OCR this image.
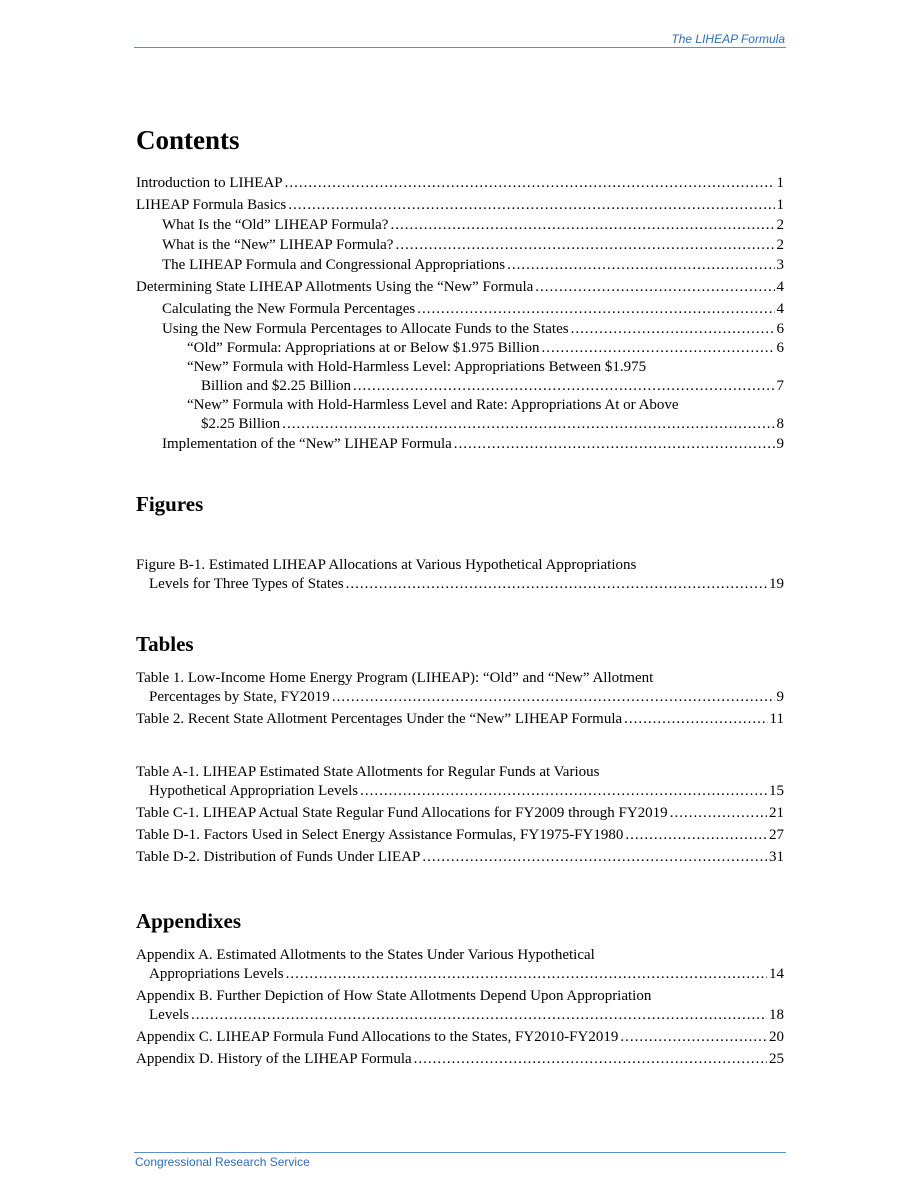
The LIHEAP Formula
Contents
Introduction to LIHEAP .....	1
LIHEAP Formula Basics .....	1
What Is the “Old” LIHEAP Formula? .....	2
What is the “New” LIHEAP Formula? .....	2
The LIHEAP Formula and Congressional Appropriations .....	3
Determining State LIHEAP Allotments Using the “New” Formula .....	4
Calculating the New Formula Percentages .....	4
Using the New Formula Percentages to Allocate Funds to the States .....	6
“Old” Formula: Appropriations at or Below $1.975 Billion .....	6
“New” Formula with Hold-Harmless Level: Appropriations Between $1.975
Billion and $2.25 Billion .....	7
“New” Formula with Hold-Harmless Level and Rate: Appropriations At or Above
$2.25 Billion .....	8
Implementation of the “New” LIHEAP Formula .....	9
Figures
Figure B-1. Estimated LIHEAP Allocations at Various Hypothetical Appropriations
Levels for Three Types of States .....	19
Tables
Table 1. Low-Income Home Energy Program (LIHEAP): “Old” and “New” Allotment
Percentages by State, FY2019 .....	9
Table 2. Recent State Allotment Percentages Under the “New” LIHEAP Formula .....	11
Table A-1. LIHEAP Estimated State Allotments for Regular Funds at Various
Hypothetical Appropriation Levels .....	15
Table C-1. LIHEAP Actual State Regular Fund Allocations for FY2009 through FY2019 .....	21
Table D-1. Factors Used in Select Energy Assistance Formulas, FY1975-FY1980 .....	27
Table D-2. Distribution of Funds Under LIEAP .....	31
Appendixes
Appendix A. Estimated Allotments to the States Under Various Hypothetical
Appropriations Levels .....	14
Appendix B. Further Depiction of How State Allotments Depend Upon Appropriation
Levels .....	18
Appendix C. LIHEAP Formula Fund Allocations to the States, FY2010-FY2019 .....	20
Appendix D. History of the LIHEAP Formula .....	25
Congressional Research Service
